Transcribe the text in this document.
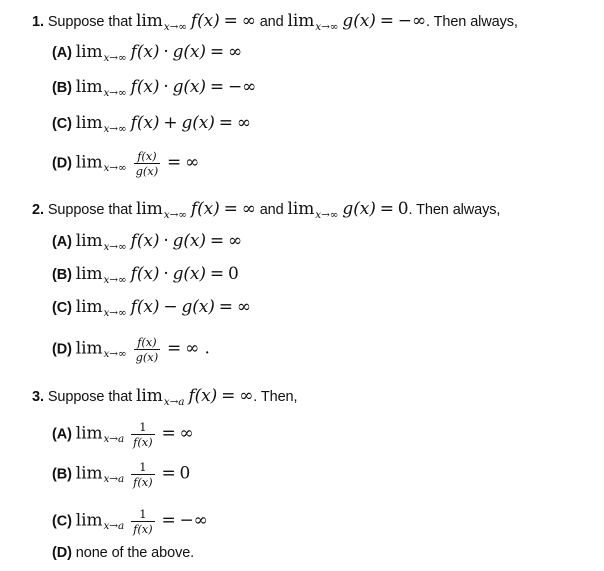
1. Suppose that $\lim_{x\to\infty} f(x)$ = ∞ and $\lim_{x\to\infty} g(x)$ = −∞. Then always,
(A) $\lim_{x\to\infty} f(x) \cdot g(x)$ = ∞
(B) $\lim_{x\to\infty} f(x) \cdot g(x)$ = −∞
(C) $\lim_{x\to\infty} f(x) + g(x)$ = ∞
(D) $\lim_{x\to\infty} \frac{f(x)}{g(x)}$ = ∞
2. Suppose that $\lim_{x\to\infty} f(x)$ = ∞ and $\lim_{x\to\infty} g(x) = 0$. Then always,
(A) $\lim_{x\to\infty} f(x) \cdot g(x)$ = ∞
(B) $\lim_{x\to\infty} f(x) \cdot g(x) = 0$
(C) $\lim_{x\to\infty} f(x) - g(x)$ = ∞
(D) $\lim_{x\to\infty} \frac{f(x)}{g(x)}$ = ∞ .
3. Suppose that $\lim_{x\to a} f(x)$ = ∞. Then,
(A) $\lim_{x\to a} \frac{1}{f(x)}$ = ∞
(B) $\lim_{x\to a} \frac{1}{f(x)} = 0$
(C) $\lim_{x\to a} \frac{1}{f(x)}$ = −∞
(D) none of the above.
